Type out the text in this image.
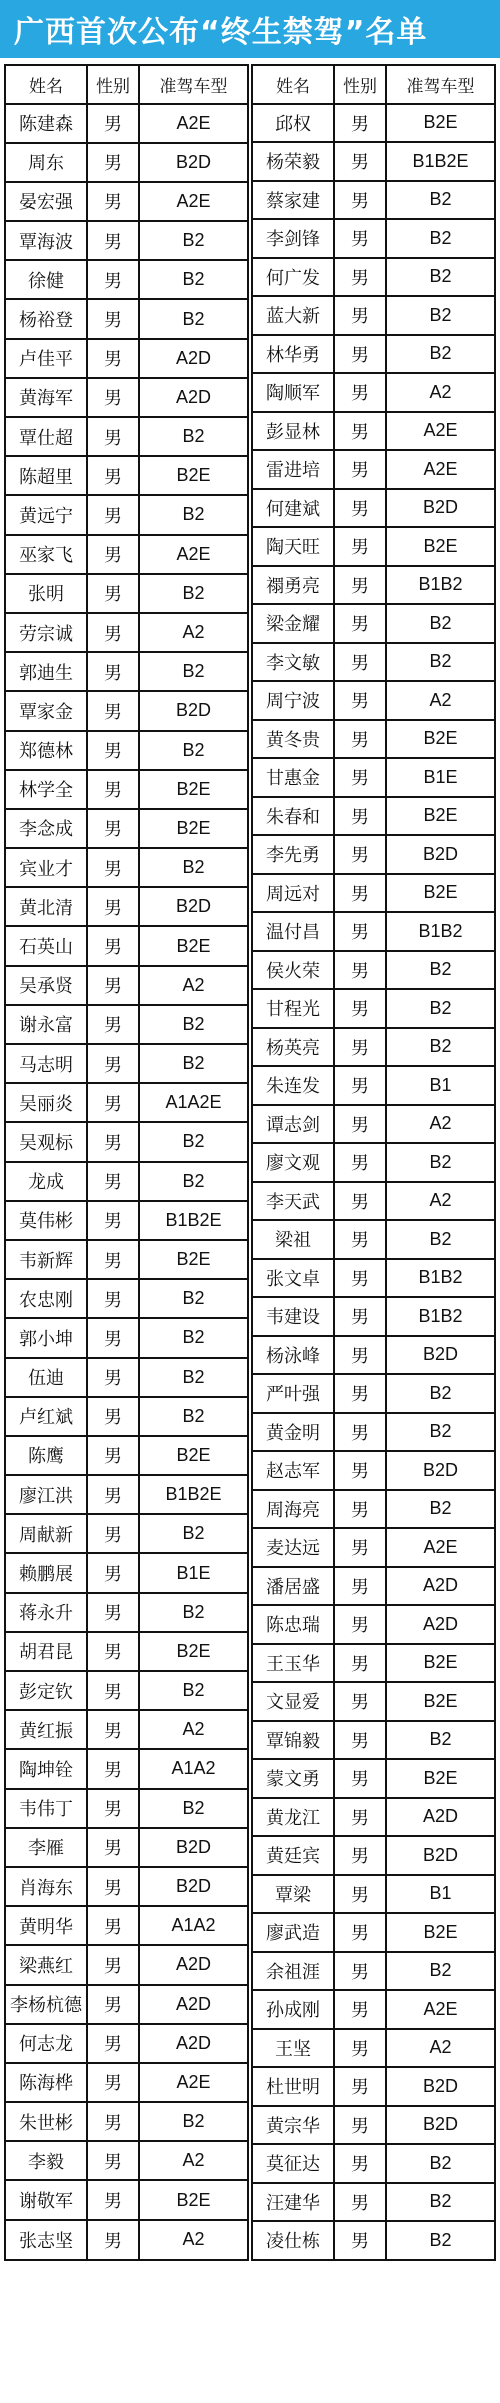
广西首次公布“终生禁驾”名单
姓名	性别	准驾车型
陈建森	男	A2E
周东	男	B2D
晏宏强	男	A2E
覃海波	男	B2
徐健	男	B2
杨裕登	男	B2
卢佳平	男	A2D
黄海军	男	A2D
覃仕超	男	B2
陈超里	男	B2E
黄远宁	男	B2
巫家飞	男	A2E
张明	男	B2
劳宗诚	男	A2
郭迪生	男	B2
覃家金	男	B2D
郑德林	男	B2
林学全	男	B2E
李念成	男	B2E
宾业才	男	B2
黄北清	男	B2D
石英山	男	B2E
吴承贤	男	A2
谢永富	男	B2
马志明	男	B2
吴丽炎	男	A1A2E
吴观标	男	B2
龙成	男	B2
莫伟彬	男	B1B2E
韦新辉	男	B2E
农忠刚	男	B2
郭小坤	男	B2
伍迪	男	B2
卢红斌	男	B2
陈鹰	男	B2E
廖江洪	男	B1B2E
周献新	男	B2
赖鹏展	男	B1E
蒋永升	男	B2
胡君昆	男	B2E
彭定钦	男	B2
黄红振	男	A2
陶坤铨	男	A1A2
韦伟丁	男	B2
李雁	男	B2D
肖海东	男	B2D
黄明华	男	A1A2
梁燕红	男	A2D
李杨杭德	男	A2D
何志龙	男	A2D
陈海桦	男	A2E
朱世彬	男	B2
李毅	男	A2
谢敬军	男	B2E
张志坚	男	A2
姓名	性别	准驾车型
邱权	男	B2E
杨荣毅	男	B1B2E
蔡家建	男	B2
李剑锋	男	B2
何广发	男	B2
蓝大新	男	B2
林华勇	男	B2
陶顺军	男	A2
彭显林	男	A2E
雷进培	男	A2E
何建斌	男	B2D
陶天旺	男	B2E
禤勇亮	男	B1B2
梁金耀	男	B2
李文敏	男	B2
周宁波	男	A2
黄冬贵	男	B2E
甘惠金	男	B1E
朱春和	男	B2E
李先勇	男	B2D
周远对	男	B2E
温付昌	男	B1B2
侯火荣	男	B2
甘程光	男	B2
杨英亮	男	B2
朱连发	男	B1
谭志剑	男	A2
廖文观	男	B2
李天武	男	A2
梁祖	男	B2
张文卓	男	B1B2
韦建设	男	B1B2
杨泳峰	男	B2D
严叶强	男	B2
黄金明	男	B2
赵志军	男	B2D
周海亮	男	B2
麦达远	男	A2E
潘居盛	男	A2D
陈忠瑞	男	A2D
王玉华	男	B2E
文显爱	男	B2E
覃锦毅	男	B2
蒙文勇	男	B2E
黄龙江	男	A2D
黄廷宾	男	B2D
覃梁	男	B1
廖武造	男	B2E
余祖涯	男	B2
孙成刚	男	A2E
王坚	男	A2
杜世明	男	B2D
黄宗华	男	B2D
莫征达	男	B2
汪建华	男	B2
凌仕栋	男	B2
